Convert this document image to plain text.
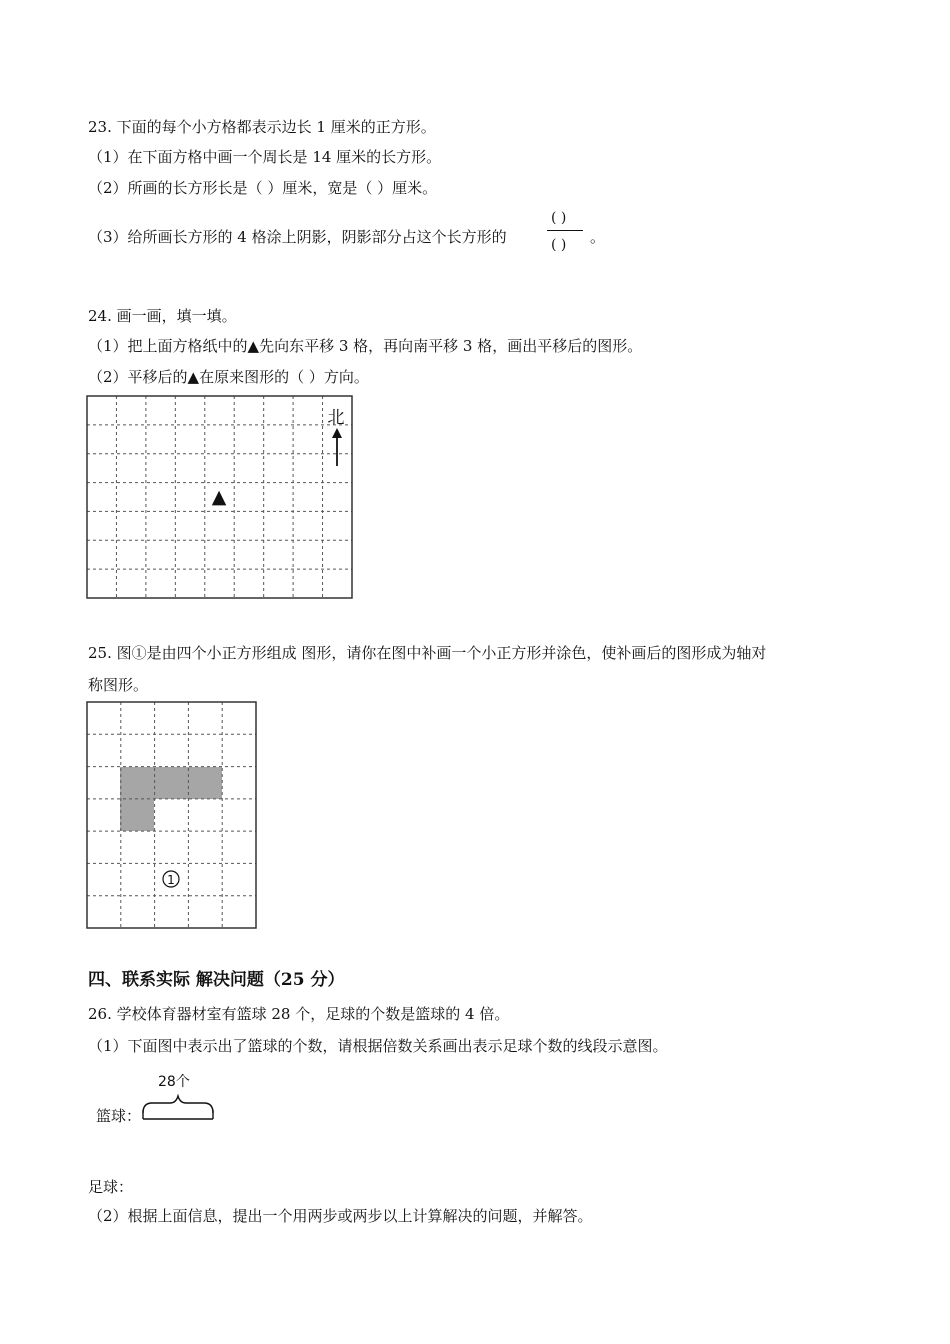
23. 下面的每个小方格都表示边长 1 厘米的正方形。
（1）在下面方格中画一个周长是 14 厘米的长方形。
（2）所画的长方形长是（ ）厘米，宽是（ ）厘米。
（3）给所画长方形的 4 格涂上阴影，阴影部分占这个长方形的
( )
( ) 。
24. 画一画，填一填。
（1）把上面方格纸中的▲先向东平移 3 格，再向南平移 3 格，画出平移后的图形。
（2）平移后的▲在原来图形的（ ）方向。
▲
北
25. 图①是由四个小正方形组成 图形，请你在图中补画一个小正方形并涂色，使补画后的图形成为轴对
称图形。
1
四、联系实际 解决问题（25 分）
26. 学校体育器材室有篮球 28 个，足球的个数是篮球的 4 倍。
（1）下面图中表示出了篮球的个数，请根据倍数关系画出表示足球个数的线段示意图。
28个
篮球：
足球：
（2）根据上面信息，提出一个用两步或两步以上计算解决的问题，并解答。
